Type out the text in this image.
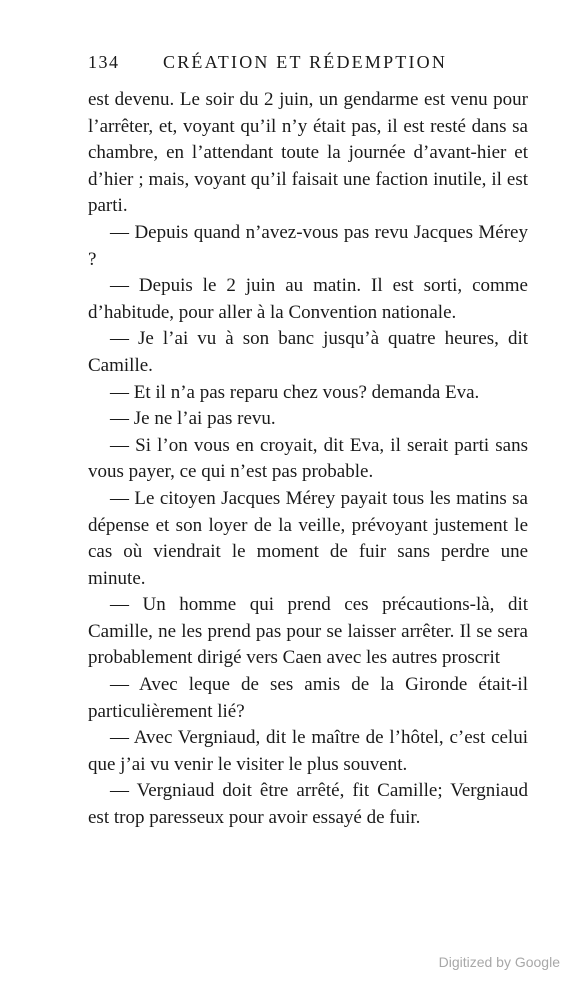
134 CRÉATION ET RÉDEMPTION

est devenu. Le soir du 2 juin, un gendarme est venu pour l’arrêter, et, voyant qu’il n’y était pas, il est resté dans sa chambre, en l’attendant toute la journée d’avant-hier et d’hier ; mais, voyant qu’il faisait une faction inutile, il est parti.

— Depuis quand n’avez-vous pas revu Jacques Mérey ?

— Depuis le 2 juin au matin. Il est sorti, comme d’habitude, pour aller à la Convention nationale.

— Je l’ai vu à son banc jusqu’à quatre heures, dit Camille.

— Et il n’a pas reparu chez vous? demanda Eva.

— Je ne l’ai pas revu.

— Si l’on vous en croyait, dit Eva, il serait parti sans vous payer, ce qui n’est pas probable.

— Le citoyen Jacques Mérey payait tous les matins sa dépense et son loyer de la veille, prévoyant justement le cas où viendrait le moment de fuir sans perdre une minute.

— Un homme qui prend ces précautions-là, dit Camille, ne les prend pas pour se laisser arrêter. Il se sera probablement dirigé vers Caen avec les autres proscrit

— Avec leque de ses amis de la Gironde était-il particulièrement lié?

— Avec Vergniaud, dit le maître de l’hôtel, c’est celui que j’ai vu venir le visiter le plus souvent.

— Vergniaud doit être arrêté, fit Camille; Vergniaud est trop paresseux pour avoir essayé de fuir.

Digitized by Google
